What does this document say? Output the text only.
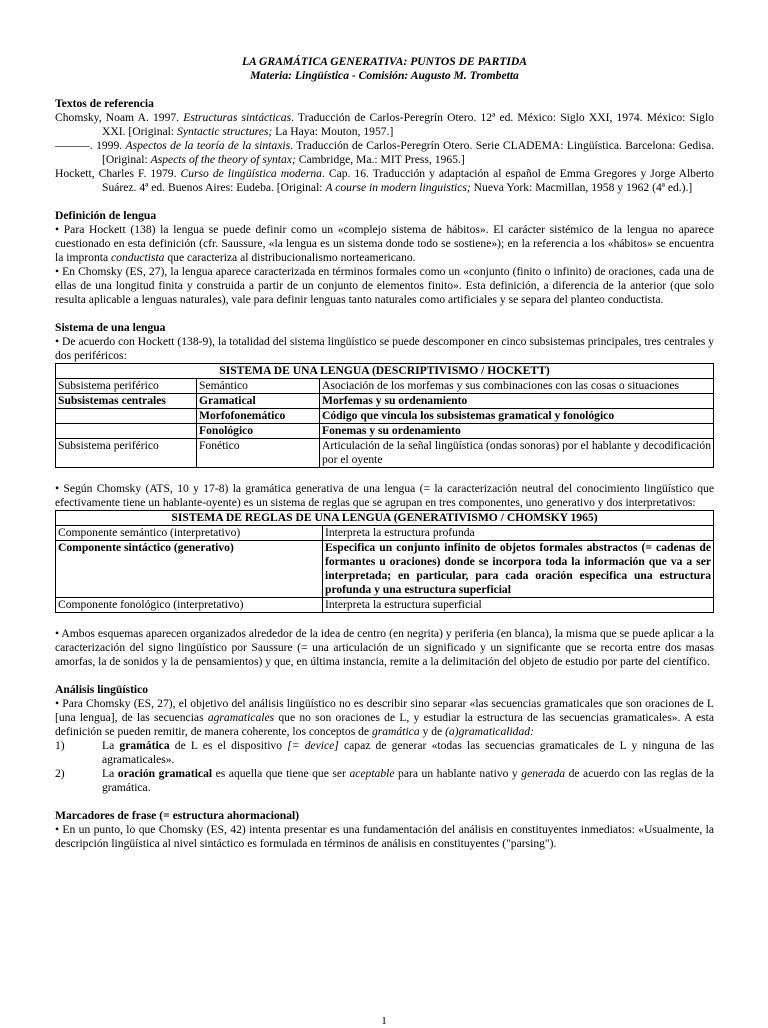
LA GRAMÁTICA GENERATIVA: PUNTOS DE PARTIDA
Materia: Lingüística - Comisión: Augusto M. Trombetta
Textos de referencia

Chomsky, Noam A. 1997. Estructuras sintácticas. Traducción de Carlos-Peregrín Otero. 12ª ed. México: Siglo XXI, 1974. México: Siglo XXI. [Original: Syntactic structures; La Haya: Mouton, 1957.]

———. 1999. Aspectos de la teoría de la sintaxis. Traducción de Carlos-Peregrín Otero. Serie CLADEMA: Lingüística. Barcelona: Gedisa. [Original: Aspects of the theory of syntax; Cambridge, Ma.: MIT Press, 1965.]

Hockett, Charles F. 1979. Curso de lingüística moderna. Cap. 16. Traducción y adaptación al español de Emma Gregores y Jorge Alberto Suárez. 4ª ed. Buenos Aires: Eudeba. [Original: A course in modern linguistics; Nueva York: Macmillan, 1958 y 1962 (4ª ed.).]

Definición de lengua

• Para Hockett (138) la lengua se puede definir como un «complejo sistema de hábitos». El carácter sistémico de la lengua no aparece cuestionado en esta definición (cfr. Saussure, «la lengua es un sistema donde todo se sostiene»); en la referencia a los «hábitos» se encuentra la impronta conductista que caracteriza al distribucionalismo norteamericano.

• En Chomsky (ES, 27), la lengua aparece caracterizada en términos formales como un «conjunto (finito o infinito) de oraciones, cada una de ellas de una longitud finita y construida a partir de un conjunto de elementos finito». Esta definición, a diferencia de la anterior (que solo resulta aplicable a lenguas naturales), vale para definir lenguas tanto naturales como artificiales y se separa del planteo conductista.

Sistema de una lengua

• De acuerdo con Hockett (138-9), la totalidad del sistema lingüístico se puede descomponer en cinco subsistemas principales, tres centrales y dos periféricos:

SISTEMA DE UNA LENGUA (DESCRIPTIVISMO / HOCKETT)		
Subsistema periférico	Semántico	Asociación de los morfemas y sus combinaciones con las cosas o situaciones
Subsistemas centrales	Gramatical	Morfemas y su ordenamiento
	Morfofonemático	Código que vincula los subsistemas gramatical y fonológico
	Fonológico	Fonemas y su ordenamiento
Subsistema periférico	Fonético	Articulación de la señal lingüística (ondas sonoras) por el hablante y decodificación por el oyente

• Según Chomsky (ATS, 10 y 17-8) la gramática generativa de una lengua (= la caracterización neutral del conocimiento lingüístico que efectivamente tiene un hablante-oyente) es un sistema de reglas que se agrupan en tres componentes, uno generativo y dos interpretativos:

SISTEMA DE REGLAS DE UNA LENGUA (GENERATIVISMO / CHOMSKY 1965)	
Componente semántico (interpretativo)	Interpreta la estructura profunda
Componente sintáctico (generativo)	Especifica un conjunto infinito de objetos formales abstractos (= cadenas de formantes u oraciones) donde se incorpora toda la información que va a ser interpretada; en particular, para cada oración especifica una estructura profunda y una estructura superficial
Componente fonológico (interpretativo)	Interpreta la estructura superficial

• Ambos esquemas aparecen organizados alrededor de la idea de centro (en negrita) y periferia (en blanca), la misma que se puede aplicar a la caracterización del signo lingüístico por Saussure (= una articulación de un significado y un significante que se recorta entre dos masas amorfas, la de sonidos y la de pensamientos) y que, en última instancia, remite a la delimitación del objeto de estudio por parte del científico.

Análisis lingüístico

• Para Chomsky (ES, 27), el objetivo del análisis lingüístico no es describir sino separar «las secuencias gramaticales que son oraciones de L [una lengua], de las secuencias agramaticales que no son oraciones de L, y estudiar la estructura de las secuencias gramaticales». A esta definición se pueden remitir, de manera coherente, los conceptos de gramática y de (a)gramaticalidad:

1)	La gramática de L es el dispositivo [= device] capaz de generar «todas las secuencias gramaticales de L y ninguna de las agramaticales».
2)	La oración gramatical es aquella que tiene que ser aceptable para un hablante nativo y generada de acuerdo con las reglas de la gramática.
Marcadores de frase (= estructura ahormacional)

• En un punto, lo que Chomsky (ES, 42) intenta presentar es una fundamentación del análisis en constituyentes inmediatos: «Usualmente, la descripción lingüística al nivel sintáctico es formulada en términos de análisis en constituyentes ("parsing").

1
